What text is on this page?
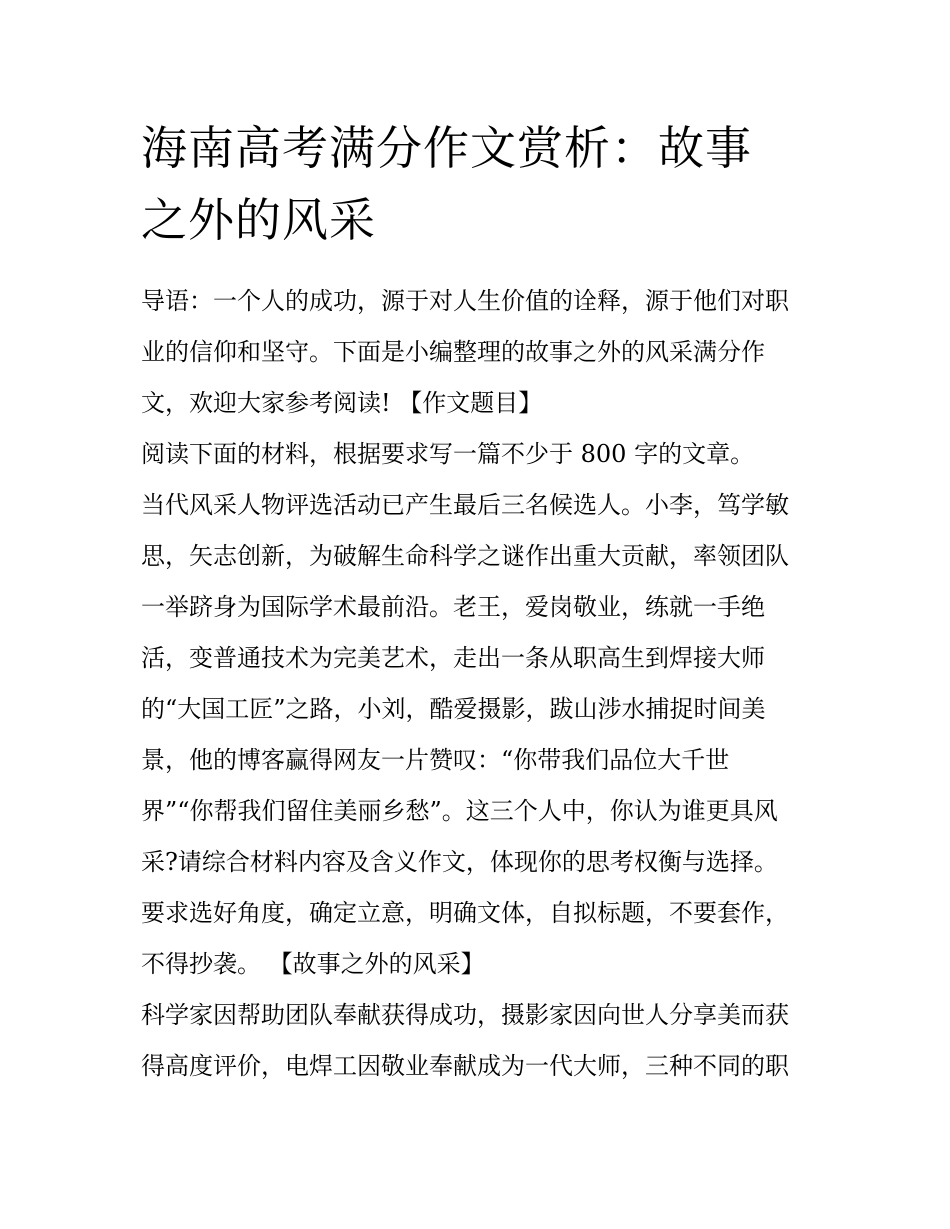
海南高考满分作文赏析：故事
之外的风采

导语：一个人的成功，源于对人生价值的诠释，源于他们对职
业的信仰和坚守。下面是小编整理的故事之外的风采满分作
文，欢迎大家参考阅读! 【作文题目】

阅读下面的材料，根据要求写一篇不少于 800 字的文章。

当代风采人物评选活动已产生最后三名候选人。小李，笃学敏
思，矢志创新，为破解生命科学之谜作出重大贡献，率领团队
一举跻身为国际学术最前沿。老王，爱岗敬业，练就一手绝
活，变普通技术为完美艺术，走出一条从职高生到焊接大师
的“大国工匠”之路，小刘，酷爱摄影，跋山涉水捕捉时间美
景，他的博客赢得网友一片赞叹：“你带我们品位大千世
界”“你帮我们留住美丽乡愁”。这三个人中，你认为谁更具风
采?请综合材料内容及含义作文，体现你的思考权衡与选择。
要求选好角度，确定立意，明确文体，自拟标题，不要套作，
不得抄袭。 【故事之外的风采】

科学家因帮助团队奉献获得成功，摄影家因向世人分享美而获
得高度评价，电焊工因敬业奉献成为一代大师，三种不同的职
